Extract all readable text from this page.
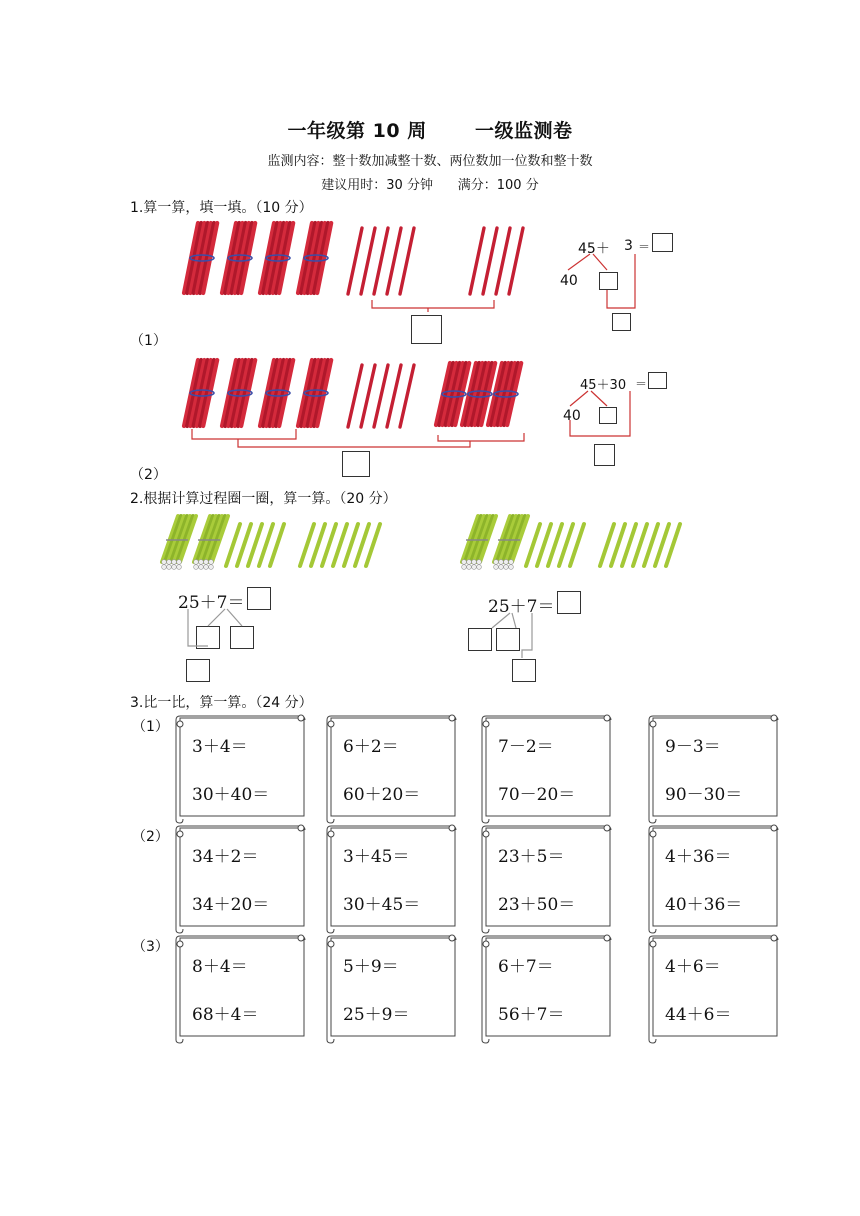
一年级第 10 周	一级监测卷
监测内容：整十数加减整十数、两位数加一位数和整十数
建议用时：30 分钟      满分：100 分
1.算一算，填一填。（10 分）
（1）
45＋ 3 ＝
40
（2）
45＋30 ＝
40
2.根据计算过程圈一圈，算一算。（20 分）
25＋7＝	25＋7＝
3.比一比，算一算。（24 分）
（1）
3＋4＝
30＋40＝
6＋2＝
60＋20＝
7－2＝
70－20＝
9－3＝
90－30＝
（2）
34＋2＝
34＋20＝
3＋45＝
30＋45＝
23＋5＝
23＋50＝
4＋36＝
40＋36＝
（3）
8＋4＝
68＋4＝
5＋9＝
25＋9＝
6＋7＝
56＋7＝
4＋6＝
44＋6＝
